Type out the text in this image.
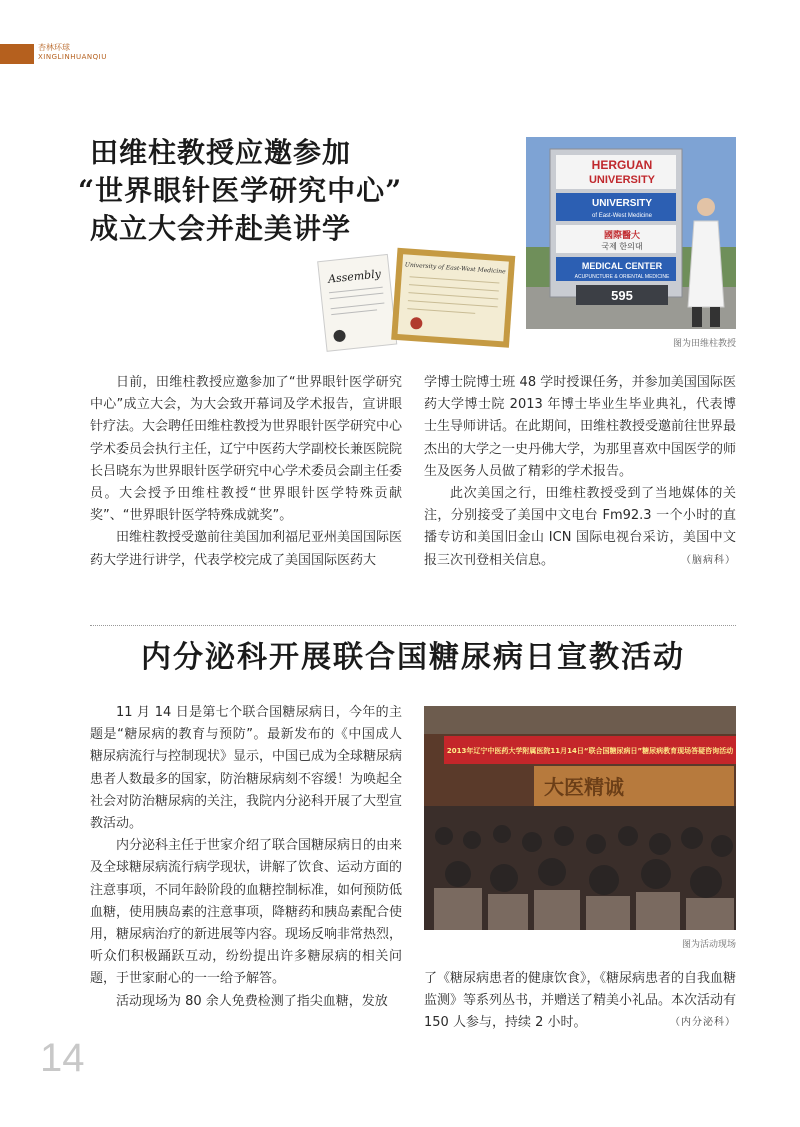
杏林环球
XINGLINHUANQIU
田维柱教授应邀参加
“世界眼针医学研究中心”
成立大会并赴美讲学
Assembly	University of East-West Medicine
HERGUAN
UNIVERSITY
UNIVERSITY
of East-West Medicine
國際醫大
국제 한의대
MEDICAL CENTER
ACUPUNCTURE & ORIENTAL MEDICINE
595
图为田维柱教授

日前，田维柱教授应邀参加了“世界眼针医学研究中心”成立大会，为大会致开幕词及学术报告，宣讲眼针疗法。大会聘任田维柱教授为世界眼针医学研究中心学术委员会执行主任，辽宁中医药大学副校长兼医院院长吕晓东为世界眼针医学研究中心学术委员会副主任委员。大会授予田维柱教授“世界眼针医学特殊贡献奖”、“世界眼针医学特殊成就奖”。

田维柱教授受邀前往美国加利福尼亚州美国国际医药大学进行讲学，代表学校完成了美国国际医药大

学博士院博士班 48 学时授课任务，并参加美国国际医药大学博士院 2013 年博士毕业生毕业典礼，代表博士生导师讲话。在此期间，田维柱教授受邀前往世界最杰出的大学之一史丹佛大学，为那里喜欢中国医学的师生及医务人员做了精彩的学术报告。

此次美国之行，田维柱教授受到了当地媒体的关注，分别接受了美国中文电台 Fm92.3 一个小时的直播专访和美国旧金山 ICN 国际电视台采访，美国中文报三次刊登相关信息。	（脑病科）

内分泌科开展联合国糖尿病日宣教活动
2013年辽宁中医药大学附属医院11月14日“联合国糖尿病日”糖尿病教育现场答疑咨询活动
大医精诚
图为活动现场

11 月 14 日是第七个联合国糖尿病日，今年的主题是“糖尿病的教育与预防”。最新发布的《中国成人糖尿病流行与控制现状》显示，中国已成为全球糖尿病患者人数最多的国家，防治糖尿病刻不容缓！为唤起全社会对防治糖尿病的关注，我院内分泌科开展了大型宣教活动。

内分泌科主任于世家介绍了联合国糖尿病日的由来及全球糖尿病流行病学现状，讲解了饮食、运动方面的注意事项，不同年龄阶段的血糖控制标准，如何预防低血糖，使用胰岛素的注意事项，降糖药和胰岛素配合使用，糖尿病治疗的新进展等内容。现场反响非常热烈，听众们积极踊跃互动，纷纷提出许多糖尿病的相关问题，于世家耐心的一一给予解答。

活动现场为 80 余人免费检测了指尖血糖，发放

了《糖尿病患者的健康饮食》，《糖尿病患者的自我血糖监测》等系列丛书，并赠送了精美小礼品。本次活动有 150 人参与，持续 2 小时。	（内分泌科）

14
